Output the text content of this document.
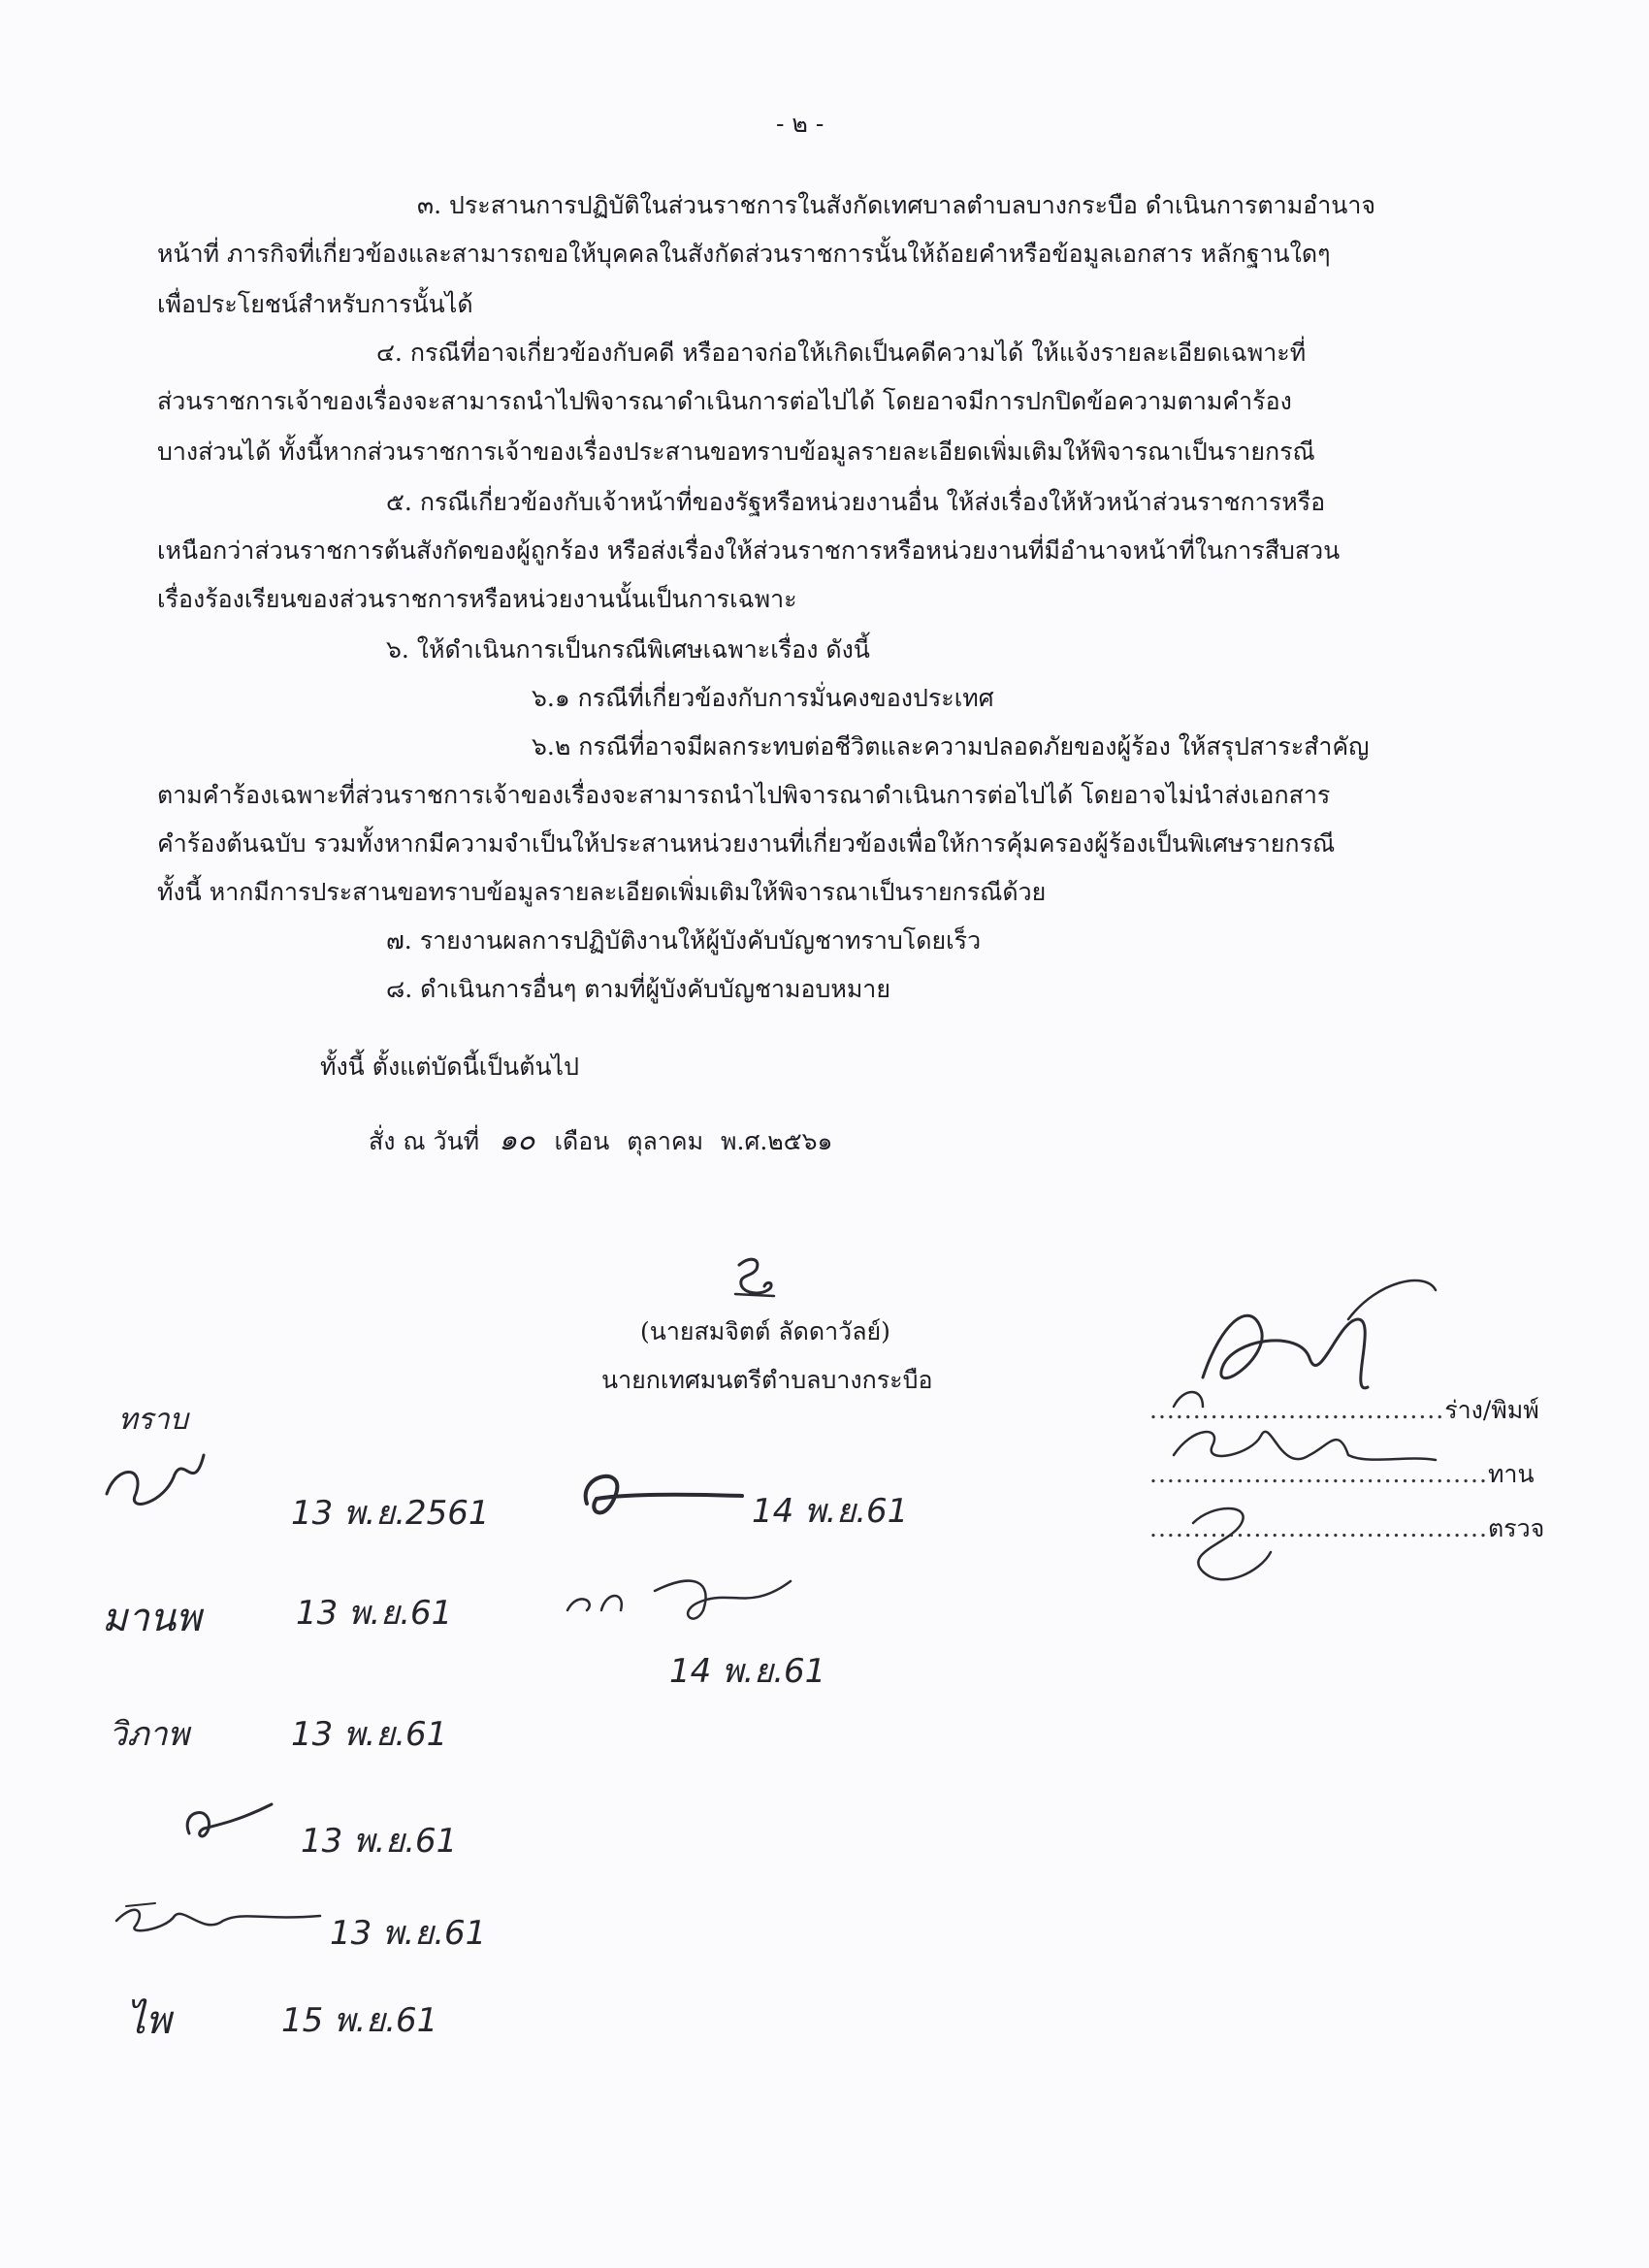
- ๒ -
๓. ประสานการปฏิบัติในส่วนราชการในสังกัดเทศบาลตำบลบางกระบือ ดำเนินการตามอำนาจ
หน้าที่ ภารกิจที่เกี่ยวข้องและสามารถขอให้บุคคลในสังกัดส่วนราชการนั้นให้ถ้อยคำหรือข้อมูลเอกสาร หลักฐานใดๆ
เพื่อประโยชน์สำหรับการนั้นได้
๔. กรณีที่อาจเกี่ยวข้องกับคดี หรืออาจก่อให้เกิดเป็นคดีความได้ ให้แจ้งรายละเอียดเฉพาะที่
ส่วนราชการเจ้าของเรื่องจะสามารถนำไปพิจารณาดำเนินการต่อไปได้ โดยอาจมีการปกปิดข้อความตามคำร้อง
บางส่วนได้ ทั้งนี้หากส่วนราชการเจ้าของเรื่องประสานขอทราบข้อมูลรายละเอียดเพิ่มเติมให้พิจารณาเป็นรายกรณี
๕. กรณีเกี่ยวข้องกับเจ้าหน้าที่ของรัฐหรือหน่วยงานอื่น ให้ส่งเรื่องให้หัวหน้าส่วนราชการหรือ
เหนือกว่าส่วนราชการต้นสังกัดของผู้ถูกร้อง หรือส่งเรื่องให้ส่วนราชการหรือหน่วยงานที่มีอำนาจหน้าที่ในการสืบสวน
เรื่องร้องเรียนของส่วนราชการหรือหน่วยงานนั้นเป็นการเฉพาะ
๖. ให้ดำเนินการเป็นกรณีพิเศษเฉพาะเรื่อง ดังนี้
๖.๑ กรณีที่เกี่ยวข้องกับการมั่นคงของประเทศ
๖.๒ กรณีที่อาจมีผลกระทบต่อชีวิตและความปลอดภัยของผู้ร้อง ให้สรุปสาระสำคัญ
ตามคำร้องเฉพาะที่ส่วนราชการเจ้าของเรื่องจะสามารถนำไปพิจารณาดำเนินการต่อไปได้ โดยอาจไม่นำส่งเอกสาร
คำร้องต้นฉบับ รวมทั้งหากมีความจำเป็นให้ประสานหน่วยงานที่เกี่ยวข้องเพื่อให้การคุ้มครองผู้ร้องเป็นพิเศษรายกรณี
ทั้งนี้ หากมีการประสานขอทราบข้อมูลรายละเอียดเพิ่มเติมให้พิจารณาเป็นรายกรณีด้วย
๗. รายงานผลการปฏิบัติงานให้ผู้บังคับบัญชาทราบโดยเร็ว
๘. ดำเนินการอื่นๆ ตามที่ผู้บังคับบัญชามอบหมาย
ทั้งนี้ ตั้งแต่บัดนี้เป็นต้นไป
สั่ง ณ วันที่ ๑๐ เดือน ตุลาคม พ.ศ.๒๕๖๑
(นายสมจิตต์ ลัดดาวัลย์)
นายกเทศมนตรีตำบลบางกระบือ
..................................ร่าง/พิมพ์
.......................................ทาน
.......................................ตรวจ
ทราบ
13 พ.ย.2561	14 พ.ย.61
มานพ	13 พ.ย.61
14 พ.ย.61
วิภาพ	13 พ.ย.61
13 พ.ย.61
13 พ.ย.61
ไพ	15 พ.ย.61
